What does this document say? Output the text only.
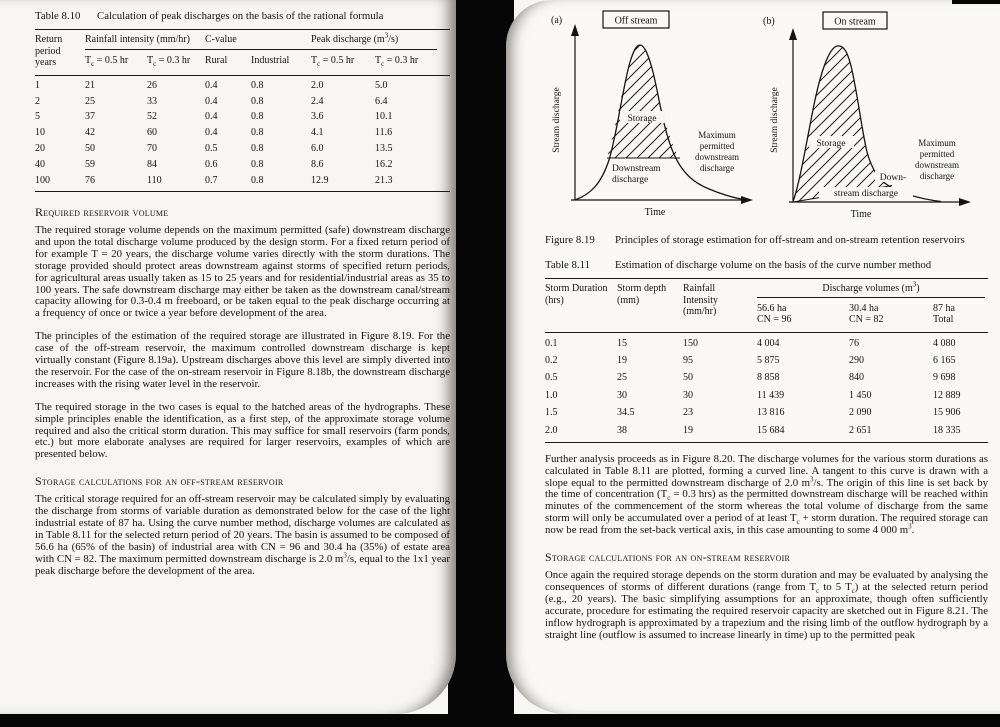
Table 8.10	Calculation of peak discharges on the basis of the rational formula
Return period years
Rainfall intensity (mm/hr)	C-value	Peak discharge $(m^3/s)$
$T_c = 0.5$ hr	$T_c = 0.3$ hr	Rural	Industrial	$T_c = 0.5$ hr	$T_c = 0.3$ hr
1	21	26	0.4	0.8	2.0	5.0
2	25	33	0.4	0.8	2.4	6.4
5	37	52	0.4	0.8	3.6	10.1
10	42	60	0.4	0.8	4.1	11.6
20	50	70	0.5	0.8	6.0	13.5
40	59	84	0.6	0.8	8.6	16.2
100	76	110	0.7	0.8	12.9	21.3
Required reservoir volume

The required storage volume depends on the maximum permitted (safe) downstream discharge and upon the total discharge volume produced by the design storm. For a fixed return period of for example T = 20 years, the discharge volume varies directly with the storm durations. The storage provided should protect areas downstream against storms of specified return periods, for agricultural areas usually taken as 15 to 25 years and for residential/industrial areas as 35 to 100 years. The safe downstream discharge may either be taken as the downstream canal/stream capacity allowing for 0.3-0.4 m freeboard, or be taken equal to the peak discharge occurring at a frequency of once or twice a year before development of the area.

The principles of the estimation of the required storage are illustrated in Figure 8.19. For the case of the off-stream reservoir, the maximum controlled downstream discharge is kept virtually constant (Figure 8.19a). Upstream discharges above this level are simply diverted into the reservoir. For the case of the on-stream reservoir in Figure 8.18b, the downstream discharge increases with the rising water level in the reservoir.

The required storage in the two cases is equal to the hatched areas of the hydrographs. These simple principles enable the identification, as a first step, of the approximate storage volume required and also the critical storm duration. This may suffice for small reservoirs (farm ponds, etc.) but more elaborate analyses are required for larger reservoirs, examples of which are presented below.

Storage calculations for an off-stream reservoir

The critical storage required for an off-stream reservoir may be calculated simply by evaluating the discharge from storms of variable duration as demonstrated below for the case of the light industrial estate of 87 ha. Using the curve number method, discharge volumes are calculated as in Table 8.11 for the selected return period of 20 years. The basin is assumed to be composed of 56.6 ha (65% of the basin) of industrial area with CN = 96 and 30.4 ha (35%) of estate area with CN = 82. The maximum permitted downstream discharge is 2.0 $m^3/s$, equal to the 1x1 year peak discharge before the development of the area.

(a)	Off stream
Stream discharge	Storage
Downstream
discharge
Maximum
permitted
downstream
discharge
Time
(b)	On stream
Stream discharge	Storage
Down-
stream discharge
Maximum
permitted
downstream
discharge
Time
Figure 8.19	Principles of storage estimation for off-stream and on-stream retention reservoirs
Table 8.11	Estimation of discharge volume on the basis of the curve number method
Storm Duration (hrs)
Storm depth (mm)
Rainfall Intensity (mm/hr)
Discharge volumes $(m^3)$
56.6 ha
CN = 96
30.4 ha
CN = 82
87 ha
Total
0.1	15	150	4 004	76	4 080
0.2	19	95	5 875	290	6 165
0.5	25	50	8 858	840	9 698
1.0	30	30	11 439	1 450	12 889
1.5	34.5	23	13 816	2 090	15 906
2.0	38	19	15 684	2 651	18 335

Further analysis proceeds as in Figure 8.20. The discharge volumes for the various storm durations as calculated in Table 8.11 are plotted, forming a curved line. A tangent to this curve is drawn with a slope equal to the permitted downstream discharge of 2.0 $m^3/s$. The origin of this line is set back by the time of concentration ($T_c = 0.3$ hrs) as the permitted downstream discharge will be reached within minutes of the commencement of the storm whereas the total volume of discharge from the same storm will only be accumulated over a period of at least $T_c$ + storm duration. The required storage can now be read from the set-back vertical axis, in this case amounting to some 4 000 $m^3$.

Storage calculations for an on-stream reservoir

Once again the required storage depends on the storm duration and may be evaluated by analysing the consequences of storms of different durations (range from $T_c$ to 5 $T_c$) at the selected return period (e.g., 20 years). The basic simplifying assumptions for an approximate, though often sufficiently accurate, procedure for estimating the required reservoir capacity are sketched out in Figure 8.21. The inflow hydrograph is approximated by a trapezium and the rising limb of the outflow hydrograph by a straight line (outflow is assumed to increase linearly in time) up to the permitted peak
